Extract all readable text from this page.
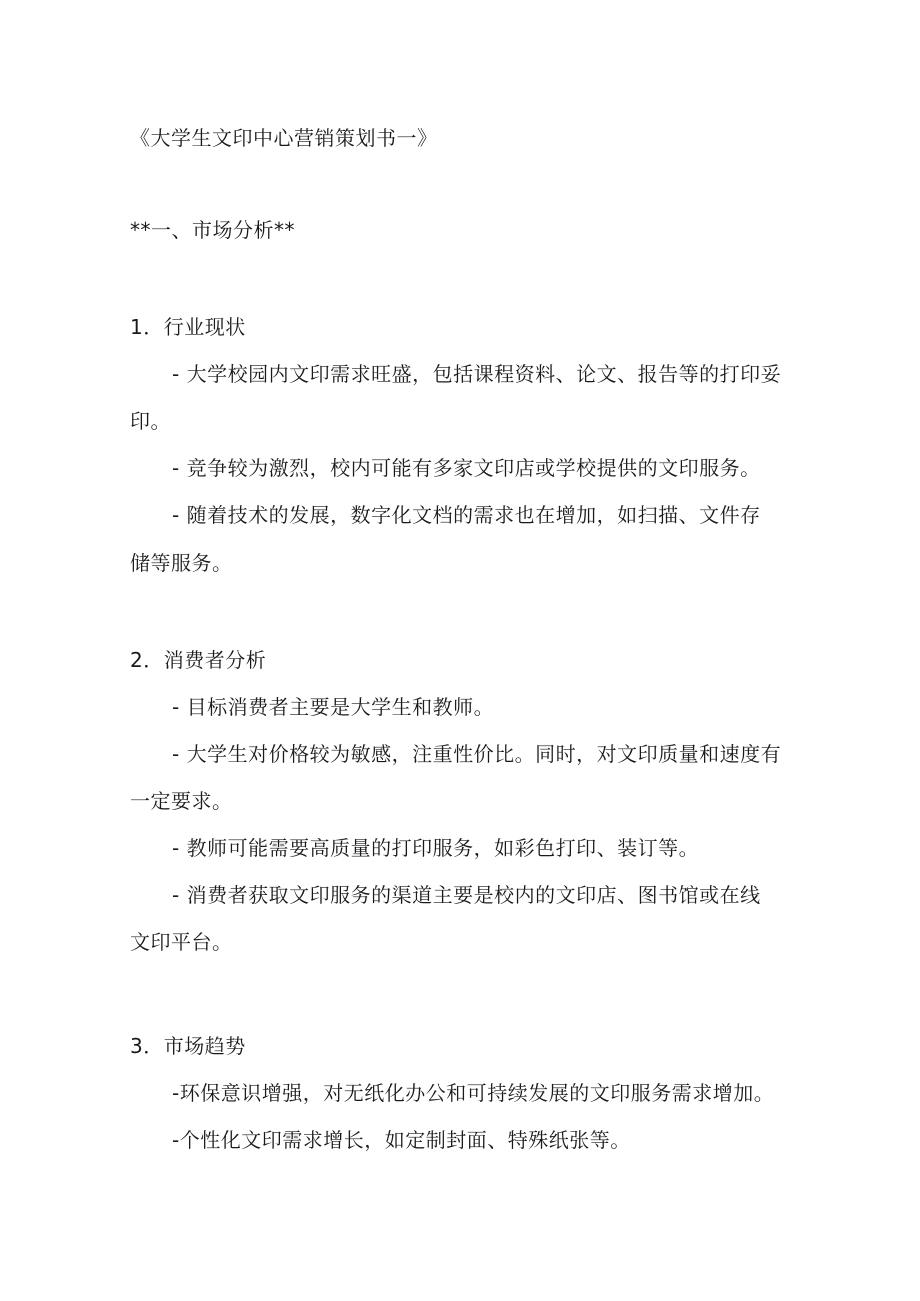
《大学生文印中心营销策划书一》
**一、市场分析**
1．行业现状
- 大学校园内文印需求旺盛，包括课程资料、论文、报告等的打印妥
印。
- 竞争较为激烈，校内可能有多家文印店或学校提供的文印服务。
- 随着技术的发展，数字化文档的需求也在增加，如扫描、文件存
储等服务。
2．消费者分析
- 目标消费者主要是大学生和教师。
- 大学生对价格较为敏感，注重性价比。同时，对文印质量和速度有
一定要求。
- 教师可能需要高质量的打印服务，如彩色打印、装订等。
- 消费者获取文印服务的渠道主要是校内的文印店、图书馆或在线
文印平台。
3．市场趋势
-环保意识增强，对无纸化办公和可持续发展的文印服务需求增加。
-个性化文印需求增长，如定制封面、特殊纸张等。
